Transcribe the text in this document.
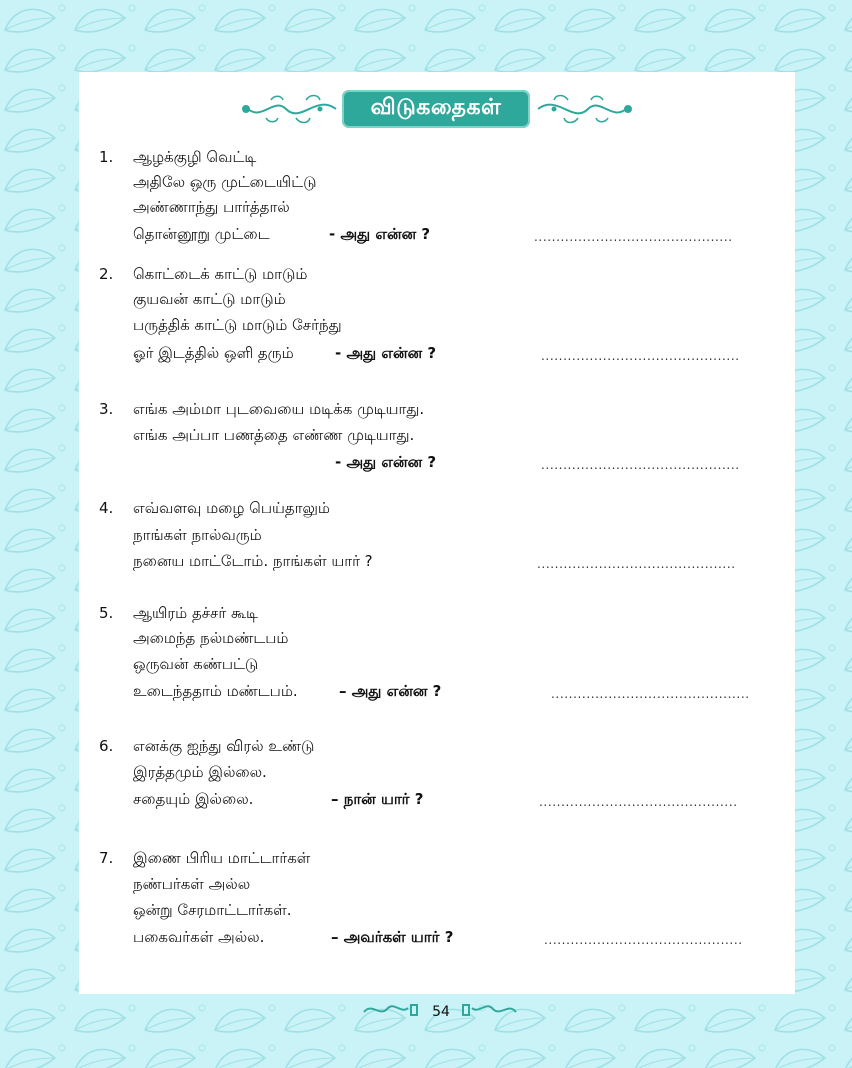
விடுகதைகள்
1. ஆழக்குழி வெட்டி
அதிலே ஒரு முட்டையிட்டு
அண்ணாந்து பார்த்தால்
தொன்னூறு முட்டை	- அது என்ன ?	.............................................
2. கொட்டைக் காட்டு மாடும்
குயவன் காட்டு மாடும்
பருத்திக் காட்டு மாடும் சேர்ந்து
ஓர் இடத்தில் ஒளி தரும்	- அது என்ன ?	.............................................
3. எங்க அம்மா புடவையை மடிக்க முடியாது.
எங்க அப்பா பணத்தை எண்ண முடியாது.
- அது என்ன ?	.............................................
4. எவ்வளவு மழை பெய்தாலும்
நாங்கள் நால்வரும்
நனைய மாட்டோம். நாங்கள் யார் ?	.............................................
5. ஆயிரம் தச்சர் கூடி
அமைந்த நல்மண்டபம்
ஒருவன் கண்பட்டு
உடைந்ததாம் மண்டபம்.	– அது என்ன ?	.............................................
6. எனக்கு ஐந்து விரல் உண்டு
இரத்தமும் இல்லை.
சதையும் இல்லை.	– நான் யார் ?	.............................................
7. இணை பிரிய மாட்டார்கள்
நண்பர்கள் அல்ல
ஒன்று சேரமாட்டார்கள்.
பகைவர்கள் அல்ல.	– அவர்கள் யார் ?	.............................................
54
